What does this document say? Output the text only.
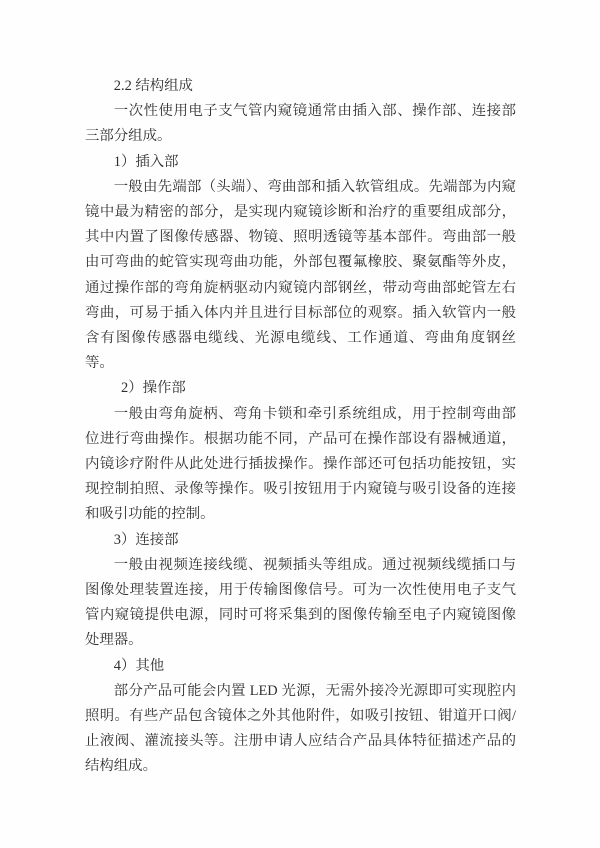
2.2 结构组成

一次性使用电子支气管内窥镜通常由插入部、操作部、连接部三部分组成。

1）插入部

一般由先端部（头端）、弯曲部和插入软管组成。先端部为内窥镜中最为精密的部分，是实现内窥镜诊断和治疗的重要组成部分，其中内置了图像传感器、物镜、照明透镜等基本部件。弯曲部一般由可弯曲的蛇管实现弯曲功能，外部包覆氟橡胶、聚氨酯等外皮，通过操作部的弯角旋柄驱动内窥镜内部钢丝，带动弯曲部蛇管左右弯曲，可易于插入体内并且进行目标部位的观察。插入软管内一般含有图像传感器电缆线、光源电缆线、工作通道、弯曲角度钢丝等。

2）操作部

一般由弯角旋柄、弯角卡锁和牵引系统组成，用于控制弯曲部位进行弯曲操作。根据功能不同，产品可在操作部设有器械通道，内镜诊疗附件从此处进行插拔操作。操作部还可包括功能按钮，实现控制拍照、录像等操作。吸引按钮用于内窥镜与吸引设备的连接和吸引功能的控制。

3）连接部

一般由视频连接线缆、视频插头等组成。通过视频线缆插口与图像处理装置连接，用于传输图像信号。可为一次性使用电子支气管内窥镜提供电源，同时可将采集到的图像传输至电子内窥镜图像处理器。

4）其他

部分产品可能会内置 LED 光源，无需外接冷光源即可实现腔内照明。有些产品包含镜体之外其他附件，如吸引按钮、钳道开口阀/止液阀、灌流接头等。注册申请人应结合产品具体特征描述产品的结构组成。
